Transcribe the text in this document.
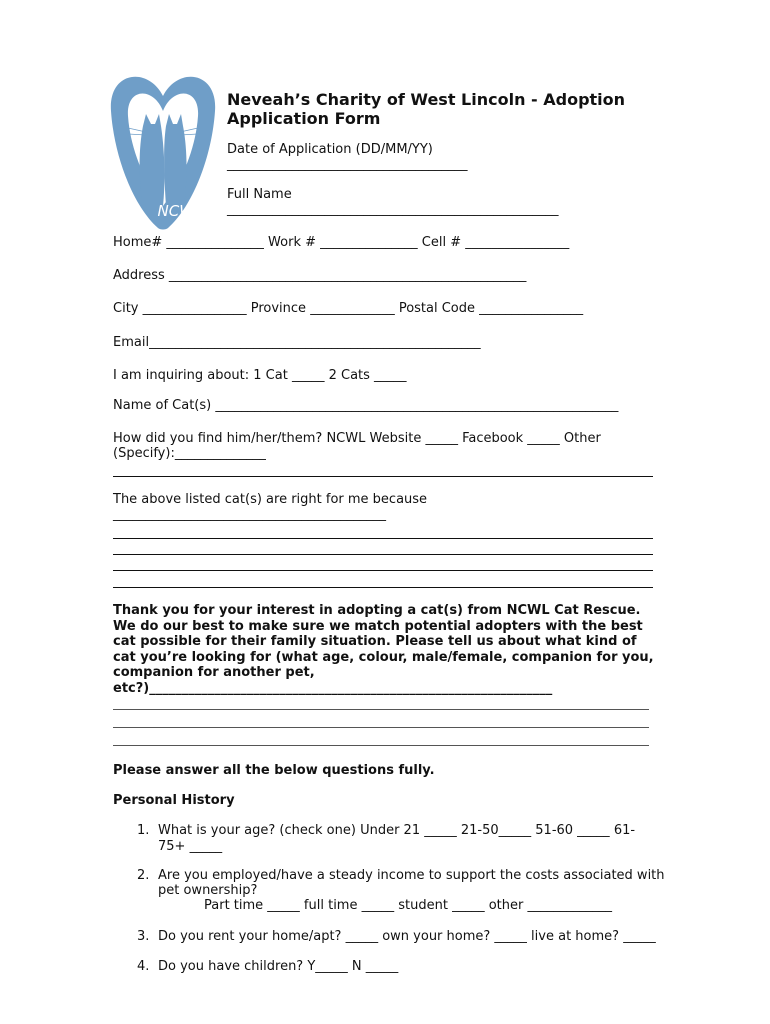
NCWL
Neveah’s Charity of West Lincoln - Adoption
Application Form
Date of Application (DD/MM/YY)
_____________________________________
Full Name
___________________________________________________
Home# _______________ Work # _______________ Cell # ________________
Address _______________________________________________________
City ________________ Province _____________ Postal Code ________________
Email___________________________________________________
I am inquiring about: 1 Cat _____ 2 Cats _____
Name of Cat(s) ______________________________________________________________
How did you find him/her/them? NCWL Website _____ Facebook _____ Other
(Specify):______________
The above listed cat(s) are right for me because
__________________________________________
Thank you for your interest in adopting a cat(s) from NCWL Cat Rescue. We do our best to make sure we match potential adopters with the best cat possible for their family situation. Please tell us about what kind of cat you’re looking for (what age, colour, male/female, companion for you, companion for another pet,
etc?)______________________________________________________________
Please answer all the below questions fully.
Personal History
1. What is your age? (check one) Under 21 _____ 21-50_____ 51-60 _____ 61-
75+ _____
2. Are you employed/have a steady income to support the costs associated with
pet ownership?
Part time _____ full time _____ student _____ other _____________
3. Do you rent your home/apt? _____ own your home? _____ live at home? _____
4. Do you have children? Y_____ N _____
